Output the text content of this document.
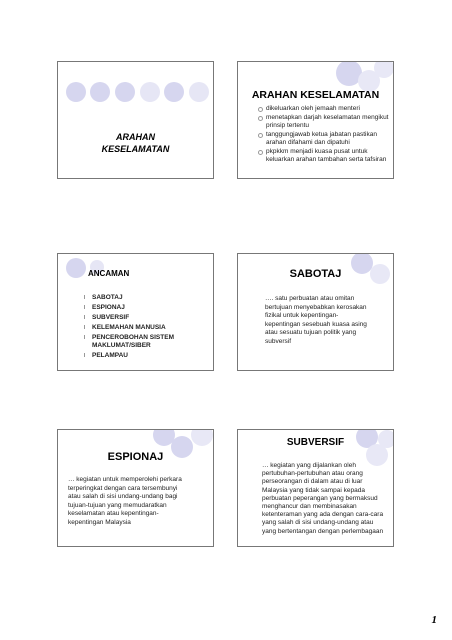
ARAHAN
KESELAMATAN
ARAHAN KESELAMATAN
dikeluarkan oleh jemaah menteri
menetapkan darjah keselamatan mengikut prinsip tertentu
tanggungjawab ketua jabatan pastikan arahan difahami dan dipatuhi
pkpkkm menjadi kuasa pusat untuk keluarkan arahan tambahan serta tafsiran
ANCAMAN
SABOTAJ
ESPIONAJ
SUBVERSIF
KELEMAHAN MANUSIA
PENCEROBOHAN SISTEM MAKLUMAT/SIBER
PELAMPAU
SABOTAJ
…. satu perbuatan atau omitan bertujuan menyebabkan kerosakan fizikal untuk kepentingan-kepentingan sesebuah kuasa asing atau sesuatu tujuan politik yang subversif
ESPIONAJ
… kegiatan untuk memperolehi perkara terperingkat dengan cara tersembunyi atau salah di sisi undang-undang bagi tujuan-tujuan yang memudaratkan keselamatan atau kepentingan-kepentingan Malaysia
SUBVERSIF
… kegiatan yang dijalankan oleh pertubuhan-pertubuhan atau orang perseorangan di dalam atau di luar Malaysia yang tidak sampai kepada perbuatan peperangan yang bermaksud menghancur dan membinasakan ketenteraman yang ada dengan cara-cara yang salah di sisi undang-undang atau yang bertentangan dengan perlembagaan
1
